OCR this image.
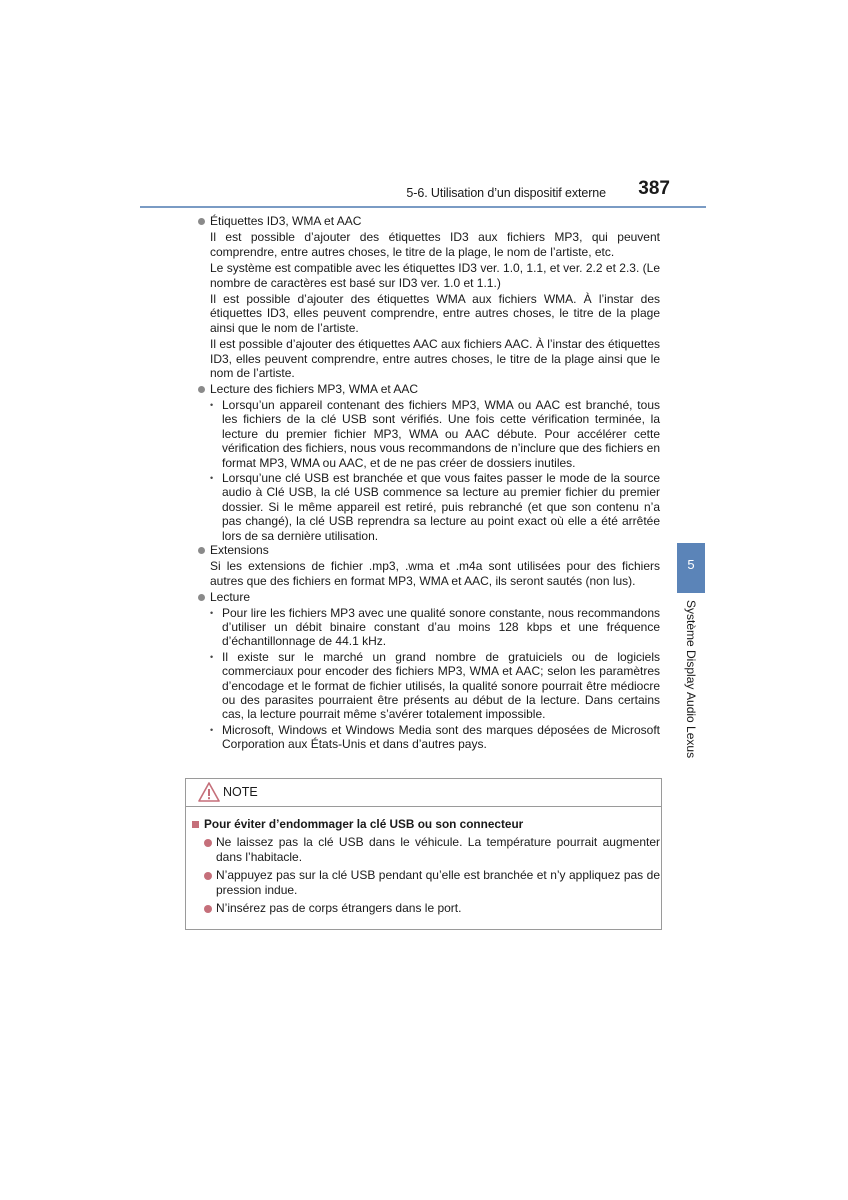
5-6. Utilisation d’un dispositif externe 387
Étiquettes ID3, WMA et AAC
Il est possible d’ajouter des étiquettes ID3 aux fichiers MP3, qui peuvent comprendre, entre autres choses, le titre de la plage, le nom de l’artiste, etc.
Le système est compatible avec les étiquettes ID3 ver. 1.0, 1.1, et ver. 2.2 et 2.3. (Le nombre de caractères est basé sur ID3 ver. 1.0 et 1.1.)
Il est possible d’ajouter des étiquettes WMA aux fichiers WMA. À l’instar des étiquettes ID3, elles peuvent comprendre, entre autres choses, le titre de la plage ainsi que le nom de l’artiste.
Il est possible d’ajouter des étiquettes AAC aux fichiers AAC. À l’instar des étiquettes ID3, elles peuvent comprendre, entre autres choses, le titre de la plage ainsi que le nom de l’artiste.
Lecture des fichiers MP3, WMA et AAC
• Lorsqu’un appareil contenant des fichiers MP3, WMA ou AAC est branché, tous les fichiers de la clé USB sont vérifiés. Une fois cette vérification terminée, la lecture du premier fichier MP3, WMA ou AAC débute. Pour accélérer cette vérification des fichiers, nous vous recommandons de n’inclure que des fichiers en format MP3, WMA ou AAC, et de ne pas créer de dossiers inutiles.
• Lorsqu’une clé USB est branchée et que vous faites passer le mode de la source audio à Clé USB, la clé USB commence sa lecture au premier fichier du premier dossier. Si le même appareil est retiré, puis rebranché (et que son contenu n’a pas changé), la clé USB reprendra sa lecture au point exact où elle a été arrêtée lors de sa dernière utilisation.
Extensions
Si les extensions de fichier .mp3, .wma et .m4a sont utilisées pour des fichiers autres que des fichiers en format MP3, WMA et AAC, ils seront sautés (non lus).
Lecture
• Pour lire les fichiers MP3 avec une qualité sonore constante, nous recommandons d’utiliser un débit binaire constant d’au moins 128 kbps et une fréquence d’échantillonnage de 44.1 kHz.
• Il existe sur le marché un grand nombre de gratuiciels ou de logiciels commerciaux pour encoder des fichiers MP3, WMA et AAC; selon les paramètres d’encodage et le format de fichier utilisés, la qualité sonore pourrait être médiocre ou des parasites pourraient être présents au début de la lecture. Dans certains cas, la lecture pourrait même s’avérer totalement impossible.
• Microsoft, Windows et Windows Media sont des marques déposées de Microsoft Corporation aux États-Unis et dans d’autres pays.
5
Système Display Audio Lexus
NOTE
Pour éviter d’endommager la clé USB ou son connecteur
Ne laissez pas la clé USB dans le véhicule. La température pourrait augmenter dans l’habitacle.
N’appuyez pas sur la clé USB pendant qu’elle est branchée et n’y appliquez pas de pression indue.
N’insérez pas de corps étrangers dans le port.
